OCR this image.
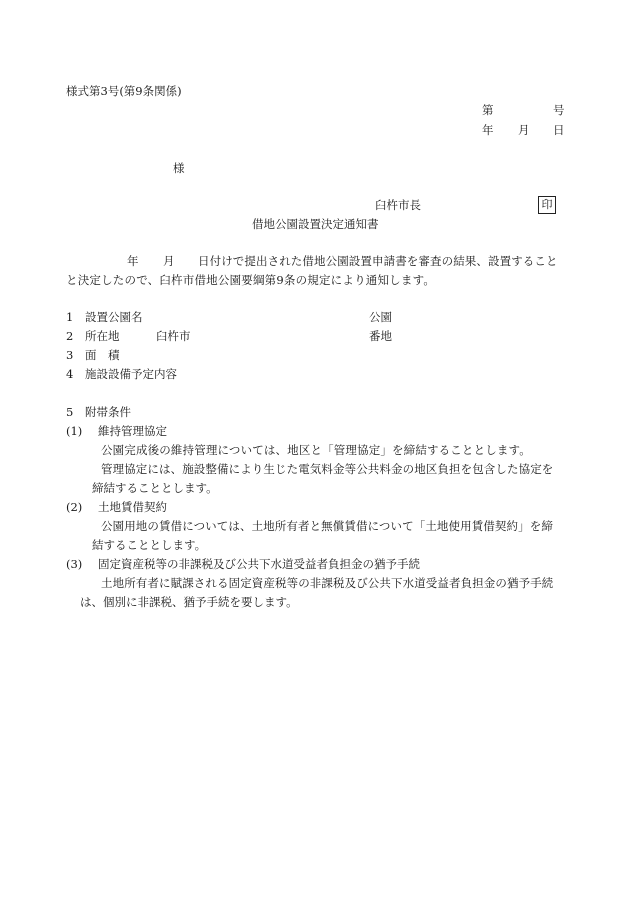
様式第3号(第9条関係)
第	号
年 月 日
様
臼杵市長	印
借地公園設置決定通知書
年 月 日付けで提出された借地公園設置申請書を審査の結果、設置すること
と決定したので、臼杵市借地公園要綱第9条の規定により通知します。
1 設置公園名	公園
2 所在地	臼杵市	番地
3 面　積
4 施設設備予定内容
5 附帯条件
(1) 維持管理協定
公園完成後の維持管理については、地区と「管理協定」を締結することとします。
管理協定には、施設整備により生じた電気料金等公共料金の地区負担を包含した協定を
締結することとします。
(2) 土地賃借契約
公園用地の賃借については、土地所有者と無償賃借について「土地使用賃借契約」を締
結することとします。
(3) 固定資産税等の非課税及び公共下水道受益者負担金の猶予手続
土地所有者に賦課される固定資産税等の非課税及び公共下水道受益者負担金の猶予手続
は、個別に非課税、猶予手続を要します。
